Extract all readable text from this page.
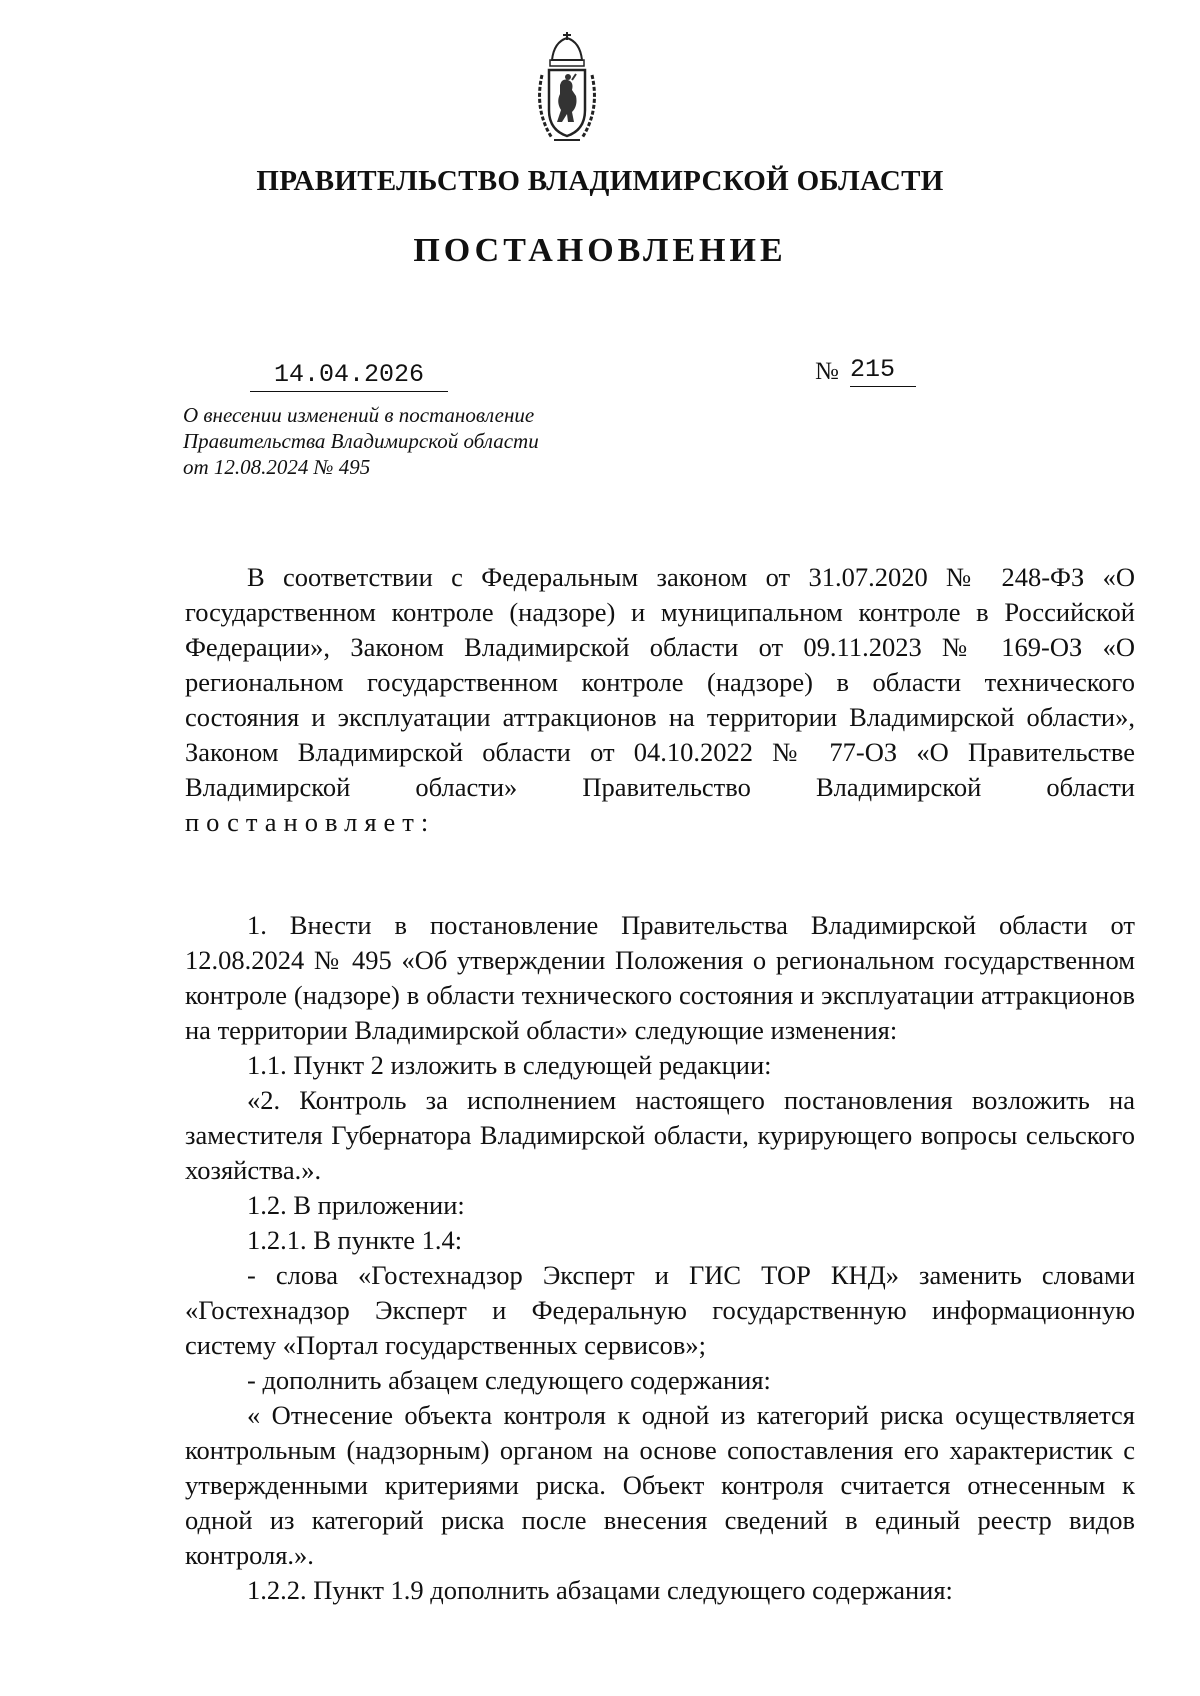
ПРАВИТЕЛЬСТВО ВЛАДИМИРСКОЙ ОБЛАСТИ
ПОСТАНОВЛЕНИЕ
14.04.2026	№ 215
О внесении изменений в постановление
Правительства Владимирской области
от 12.08.2024 № 495

В соответствии с Федеральным законом от 31.07.2020 № 248-ФЗ «О государственном контроле (надзоре) и муниципальном контроле в Российской Федерации», Законом Владимирской области от 09.11.2023 № 169-ОЗ «О региональном государственном контроле (надзоре) в области технического состояния и эксплуатации аттракционов на территории Владимирской области», Законом Владимирской области от 04.10.2022 № 77-ОЗ «О Правительстве Владимирской области» Правительство Владимирской области постановляет:

1. Внести в постановление Правительства Владимирской области от 12.08.2024 № 495 «Об утверждении Положения о региональном государственном контроле (надзоре) в области технического состояния и эксплуатации аттракционов на территории Владимирской области» следующие изменения:

1.1. Пункт 2 изложить в следующей редакции:

«2. Контроль за исполнением настоящего постановления возложить на заместителя Губернатора Владимирской области, курирующего вопросы сельского хозяйства.».

1.2. В приложении:

1.2.1. В пункте 1.4:

- слова «Гостехнадзор Эксперт и ГИС ТОР КНД» заменить словами «Гостехнадзор Эксперт и Федеральную государственную информационную систему «Портал государственных сервисов»;

- дополнить абзацем следующего содержания:

« Отнесение объекта контроля к одной из категорий риска осуществляется контрольным (надзорным) органом на основе сопоставления его характеристик с утвержденными критериями риска. Объект контроля считается отнесенным к одной из категорий риска после внесения сведений в единый реестр видов контроля.».

1.2.2. Пункт 1.9 дополнить абзацами следующего содержания:
